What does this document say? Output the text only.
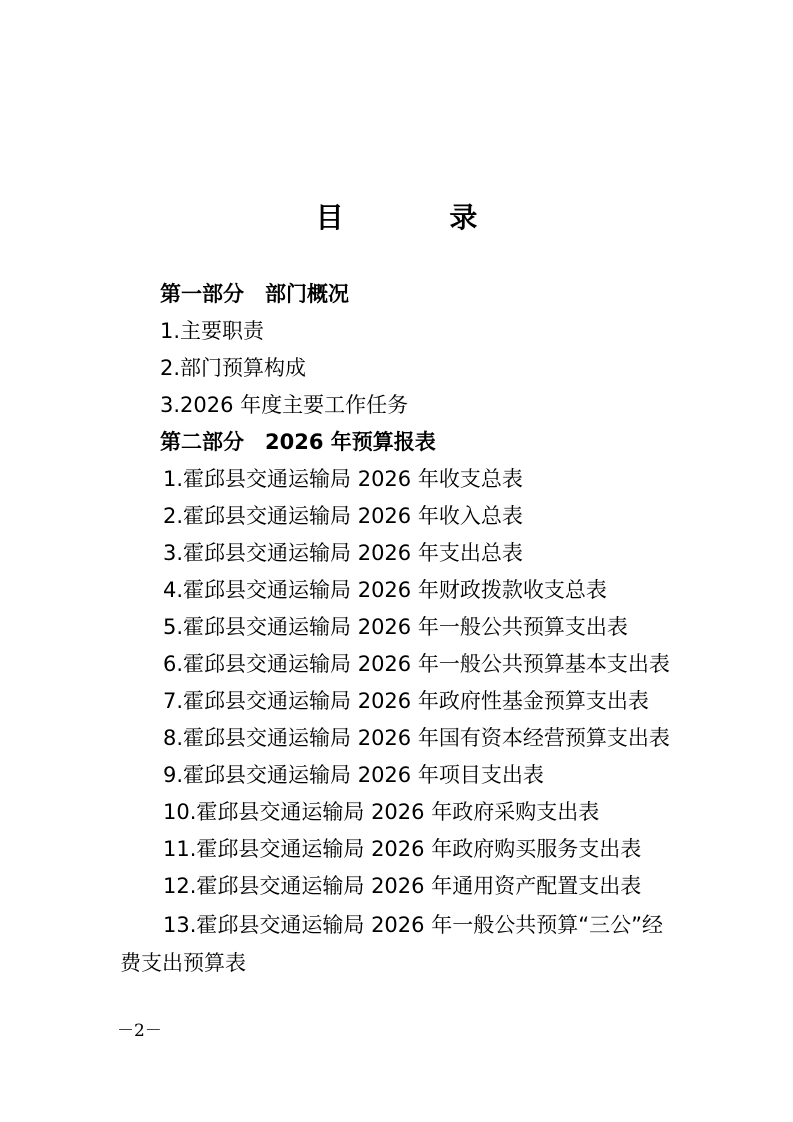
目 录
第一部分　部门概况
1.主要职责
2.部门预算构成
3.2026 年度主要工作任务
第二部分　2026 年预算报表
1.霍邱县交通运输局 2026 年收支总表
2.霍邱县交通运输局 2026 年收入总表
3.霍邱县交通运输局 2026 年支出总表
4.霍邱县交通运输局 2026 年财政拨款收支总表
5.霍邱县交通运输局 2026 年一般公共预算支出表
6.霍邱县交通运输局 2026 年一般公共预算基本支出表
7.霍邱县交通运输局 2026 年政府性基金预算支出表
8.霍邱县交通运输局 2026 年国有资本经营预算支出表
9.霍邱县交通运输局 2026 年项目支出表
10.霍邱县交通运输局 2026 年政府采购支出表
11.霍邱县交通运输局 2026 年政府购买服务支出表
12.霍邱县交通运输局 2026 年通用资产配置支出表
13.霍邱县交通运输局 2026 年一般公共预算“三公”经
费支出预算表
－2－
